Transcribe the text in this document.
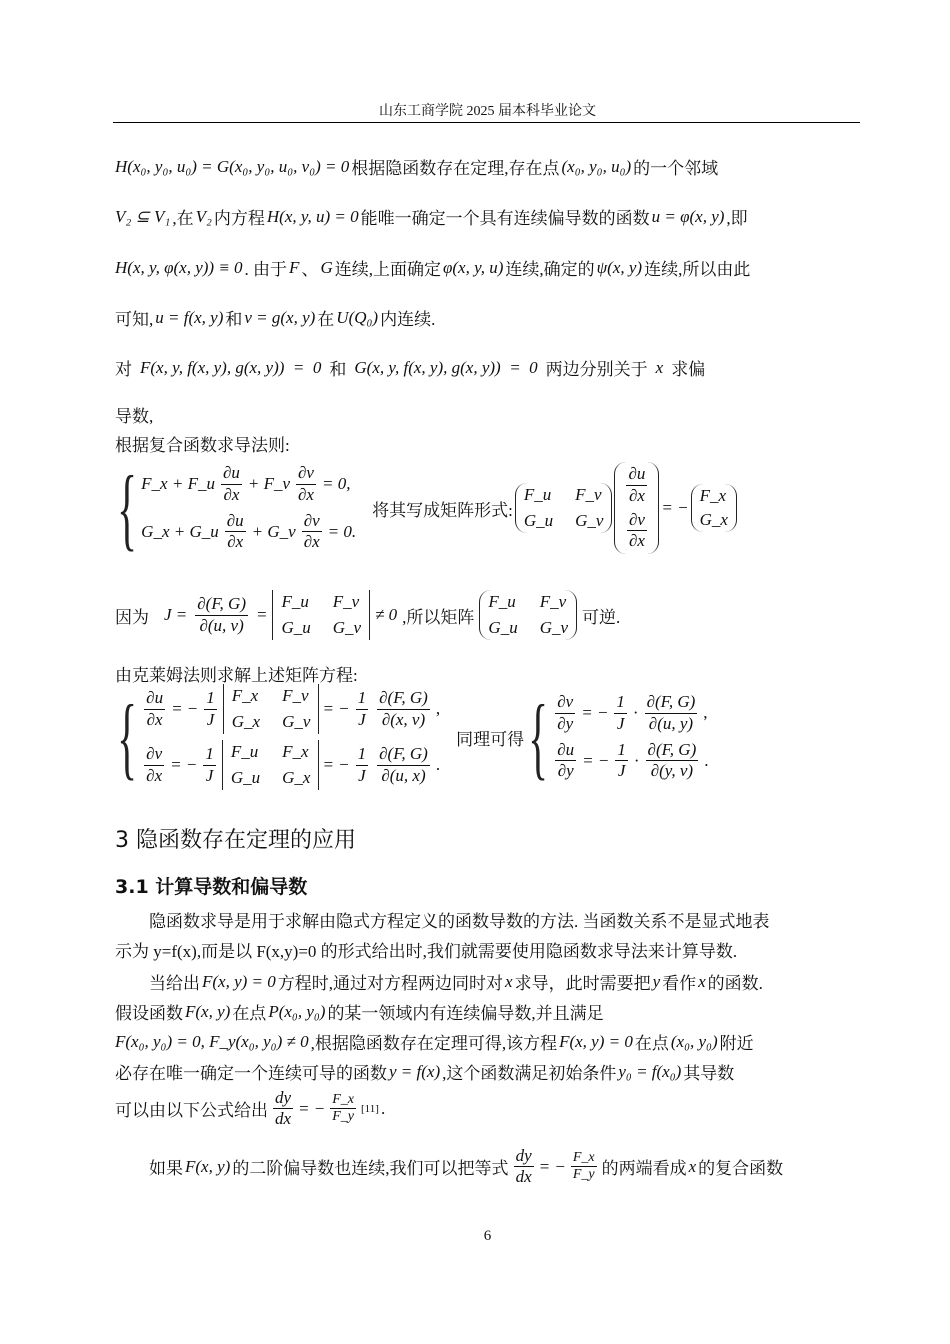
山东工商学院 2025 届本科毕业论文
H(x₀, y₀, u₀) = G(x₀, y₀, u₀, v₀) = 0 根据隐函数存在定理,存在点 (x₀, y₀, u₀) 的一个邻域
V₂ ⊆ V₁ ,在 V₂ 内方程 H(x, y, u) = 0 能唯一确定一个具有连续偏导数的函数 u = φ(x, y) ,即
H(x, y, φ(x, y)) ≡ 0 . 由于 F 、 G 连续,上面确定 φ(x, y, u) 连续,确定的 ψ(x, y) 连续,所以由此
可知, u = f(x, y) 和 v = g(x, y) 在 U(Q₀) 内连续.
对 F(x, y, f(x, y), g(x, y))  =  0 和 G(x, y, f(x, y), g(x, y))  =  0 两边分别关于 x 求偏
导数,
根据复合函数求导法则:
{ F_x + F_u $\frac{\partial u}{\partial x}$ + F_v $\frac{\partial v}{\partial x} = 0$,
G_x + G_u $\frac{\partial u}{\partial x}$ + G_v $\frac{\partial v}{\partial x} = 0$.
将其写成矩阵形式:
F_u F_v
G_u G_v
$\frac{\partial u}{\partial x}$
$\frac{\partial v}{\partial x}$
= −
F_x
G_x
因为 $J = \frac{\partial(F, G)}{\partial(u, v)}$ =
F_u F_v
G_u G_v
≠ 0 ,所以矩阵
F_u F_v
G_u G_v
可逆.
由克莱姆法则求解上述矩阵方程:
{ $\frac{\partial u}{\partial x}$ = − $\frac{1}{J}$ F_x F_v
G_x G_v
= − $\frac{1}{J} \frac{\partial(F, G)}{\partial(x, v)}$ ,
$\frac{\partial v}{\partial x}$ = − $\frac{1}{J}$ F_u F_x
G_u G_x
= − $\frac{1}{J} \frac{\partial(F, G)}{\partial(u, x)}$ .
同理可得 { $\frac{\partial v}{\partial y}$ = − $\frac{1}{J} \cdot \frac{\partial(F, G)}{\partial(u, y)}$ ,
$\frac{\partial u}{\partial y}$ = − $\frac{1}{J} \cdot \frac{\partial(F, G)}{\partial(y, v)}$ .
3 隐函数存在定理的应用
3.1 计算导数和偏导数
隐函数求导是用于求解由隐式方程定义的函数导数的方法. 当函数关系不是显式地表
示为 y=f(x),而是以 F(x,y)=0 的形式给出时,我们就需要使用隐函数求导法来计算导数.
当给出 F(x, y) = 0 方程时,通过对方程两边同时对 x 求导，此时需要把 y 看作 x 的函数.
假设函数 F(x, y) 在点 P(x₀, y₀) 的某一领域内有连续偏导数,并且满足
F(x₀, y₀) = 0, F_y(x₀, y₀) ≠ 0 ,根据隐函数存在定理可得,该方程 F(x, y) = 0 在点 (x₀, y₀) 附近
必存在唯一确定一个连续可导的函数 y = f(x) ,这个函数满足初始条件 y₀ = f(x₀) 其导数
可以由以下公式给出 $\frac{dy}{dx}$ = − $\frac{F\_x}{F\_y} [11]$ .
如果 F(x, y) 的二阶偏导数也连续,我们可以把等式 $\frac{dy}{dx}$ = − $\frac{F\_x}{F\_y}$ 的两端看成 x 的复合函数
6
